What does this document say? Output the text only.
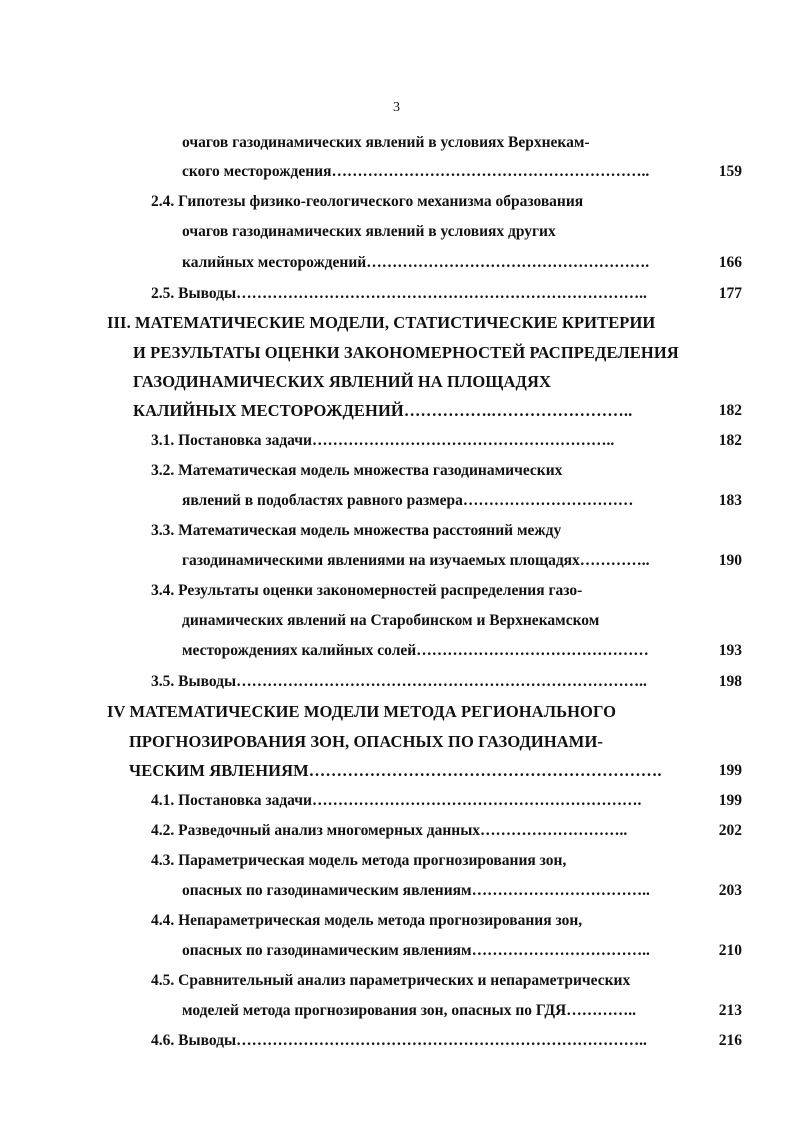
3
очагов газодинамических явлений в условиях Верхнекам-
ского месторождения……………………………………………………..	159
2.4. Гипотезы физико-геологического механизма образования
очагов газодинамических явлений в условиях других
калийных месторождений……………………………………………….	166
2.5. Выводы……………………………………………………………………..	177
III. МАТЕМАТИЧЕСКИЕ МОДЕЛИ, СТАТИСТИЧЕСКИЕ КРИТЕРИИ
И РЕЗУЛЬТАТЫ ОЦЕНКИ ЗАКОНОМЕРНОСТЕЙ РАСПРЕДЕЛЕНИЯ
ГАЗОДИНАМИЧЕСКИХ ЯВЛЕНИЙ НА ПЛОЩАДЯХ
КАЛИЙНЫХ МЕСТОРОЖДЕНИЙ…………….……………………..	182
3.1. Постановка задачи…………………………………………………..	182
3.2. Математическая модель множества газодинамических
явлений в подобластях равного размера……………………………	183
3.3. Математическая модель множества расстояний между
газодинамическими явлениями на изучаемых площадях…………..	190
3.4. Результаты оценки закономерностей распределения газо-
динамических явлений на Старобинском и Верхнекамском
месторождениях калийных солей………………………………………	193
3.5. Выводы……………………………………………………………………..	198
IV МАТЕМАТИЧЕСКИЕ МОДЕЛИ МЕТОДА РЕГИОНАЛЬНОГО
ПРОГНОЗИРОВАНИЯ ЗОН, ОПАСНЫХ ПО ГАЗОДИНАМИ-
ЧЕСКИМ ЯВЛЕНИЯМ……………………………………………………….	199
4.1. Постановка задачи……………………………………………………….	199
4.2. Разведочный анализ многомерных данных………………………..	202
4.3. Параметрическая модель метода прогнозирования зон,
опасных по газодинамическим явлениям……………………………..	203
4.4. Непараметрическая модель метода прогнозирования зон,
опасных по газодинамическим явлениям……………………………..	210
4.5. Сравнительный анализ параметрических и непараметрических
моделей метода прогнозирования зон, опасных по ГДЯ…………..	213
4.6. Выводы……………………………………………………………………..	216
